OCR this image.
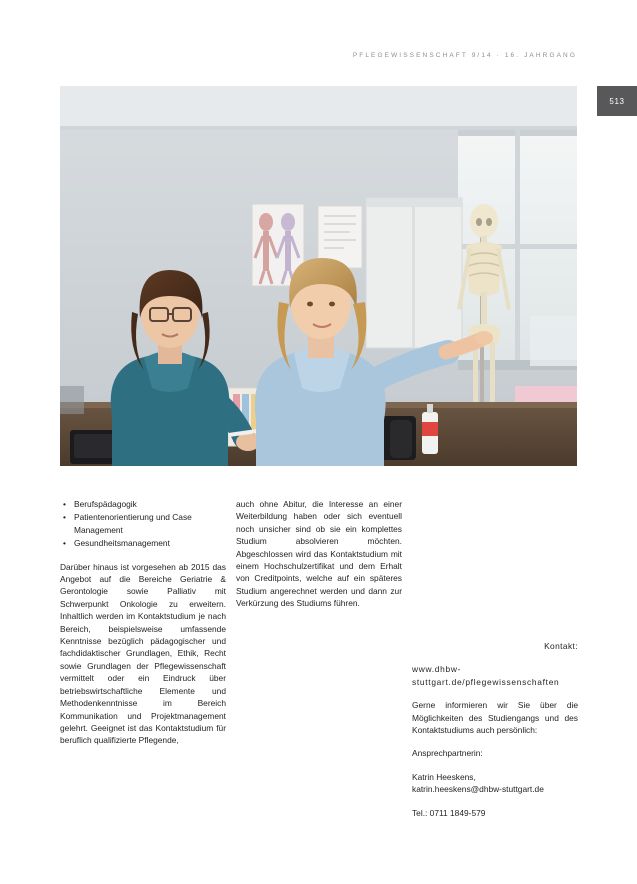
PFLEGEWISSENSCHAFT 9/14 · 16. JAHRGANG
513
• Berufspädagogik
• Patientenorientierung und Case Management
• Gesundheitsmanagement

Darüber hinaus ist vorgesehen ab 2015 das Angebot auf die Bereiche Geriatrie & Gerontologie sowie Palliativ mit Schwerpunkt Onkologie zu erweitern. Inhaltlich werden im Kontaktstudium je nach Bereich, beispielsweise umfassende Kenntnisse bezüglich pädagogischer und fachdidaktischer Grundlagen, Ethik, Recht sowie Grundlagen der Pflegewissenschaft vermittelt oder ein Eindruck über betriebswirtschaftliche Elemente und Methodenkenntnisse im Bereich Kommunikation und Projektmanagement gelehrt. Geeignet ist das Kontaktstudium für beruflich qualifizierte Pflegende,

auch ohne Abitur, die Interesse an einer Weiterbildung haben oder sich eventuell noch unsicher sind ob sie ein komplettes Studium absolvieren möchten. Abgeschlossen wird das Kontaktstudium mit einem Hochschulzertifikat und dem Erhalt von Creditpoints, welche auf ein späteres Studium angerechnet werden und dann zur Verkürzung des Studiums führen.

Kontakt:

www.dhbw-stuttgart.de/pflegewissenschaften

Gerne informieren wir Sie über die Möglichkeiten des Studiengangs und des Kontaktstudiums auch persönlich:

Ansprechpartnerin:

Katrin Heeskens,

katrin.heeskens@dhbw-stuttgart.de

Tel.: 0711 1849-579
